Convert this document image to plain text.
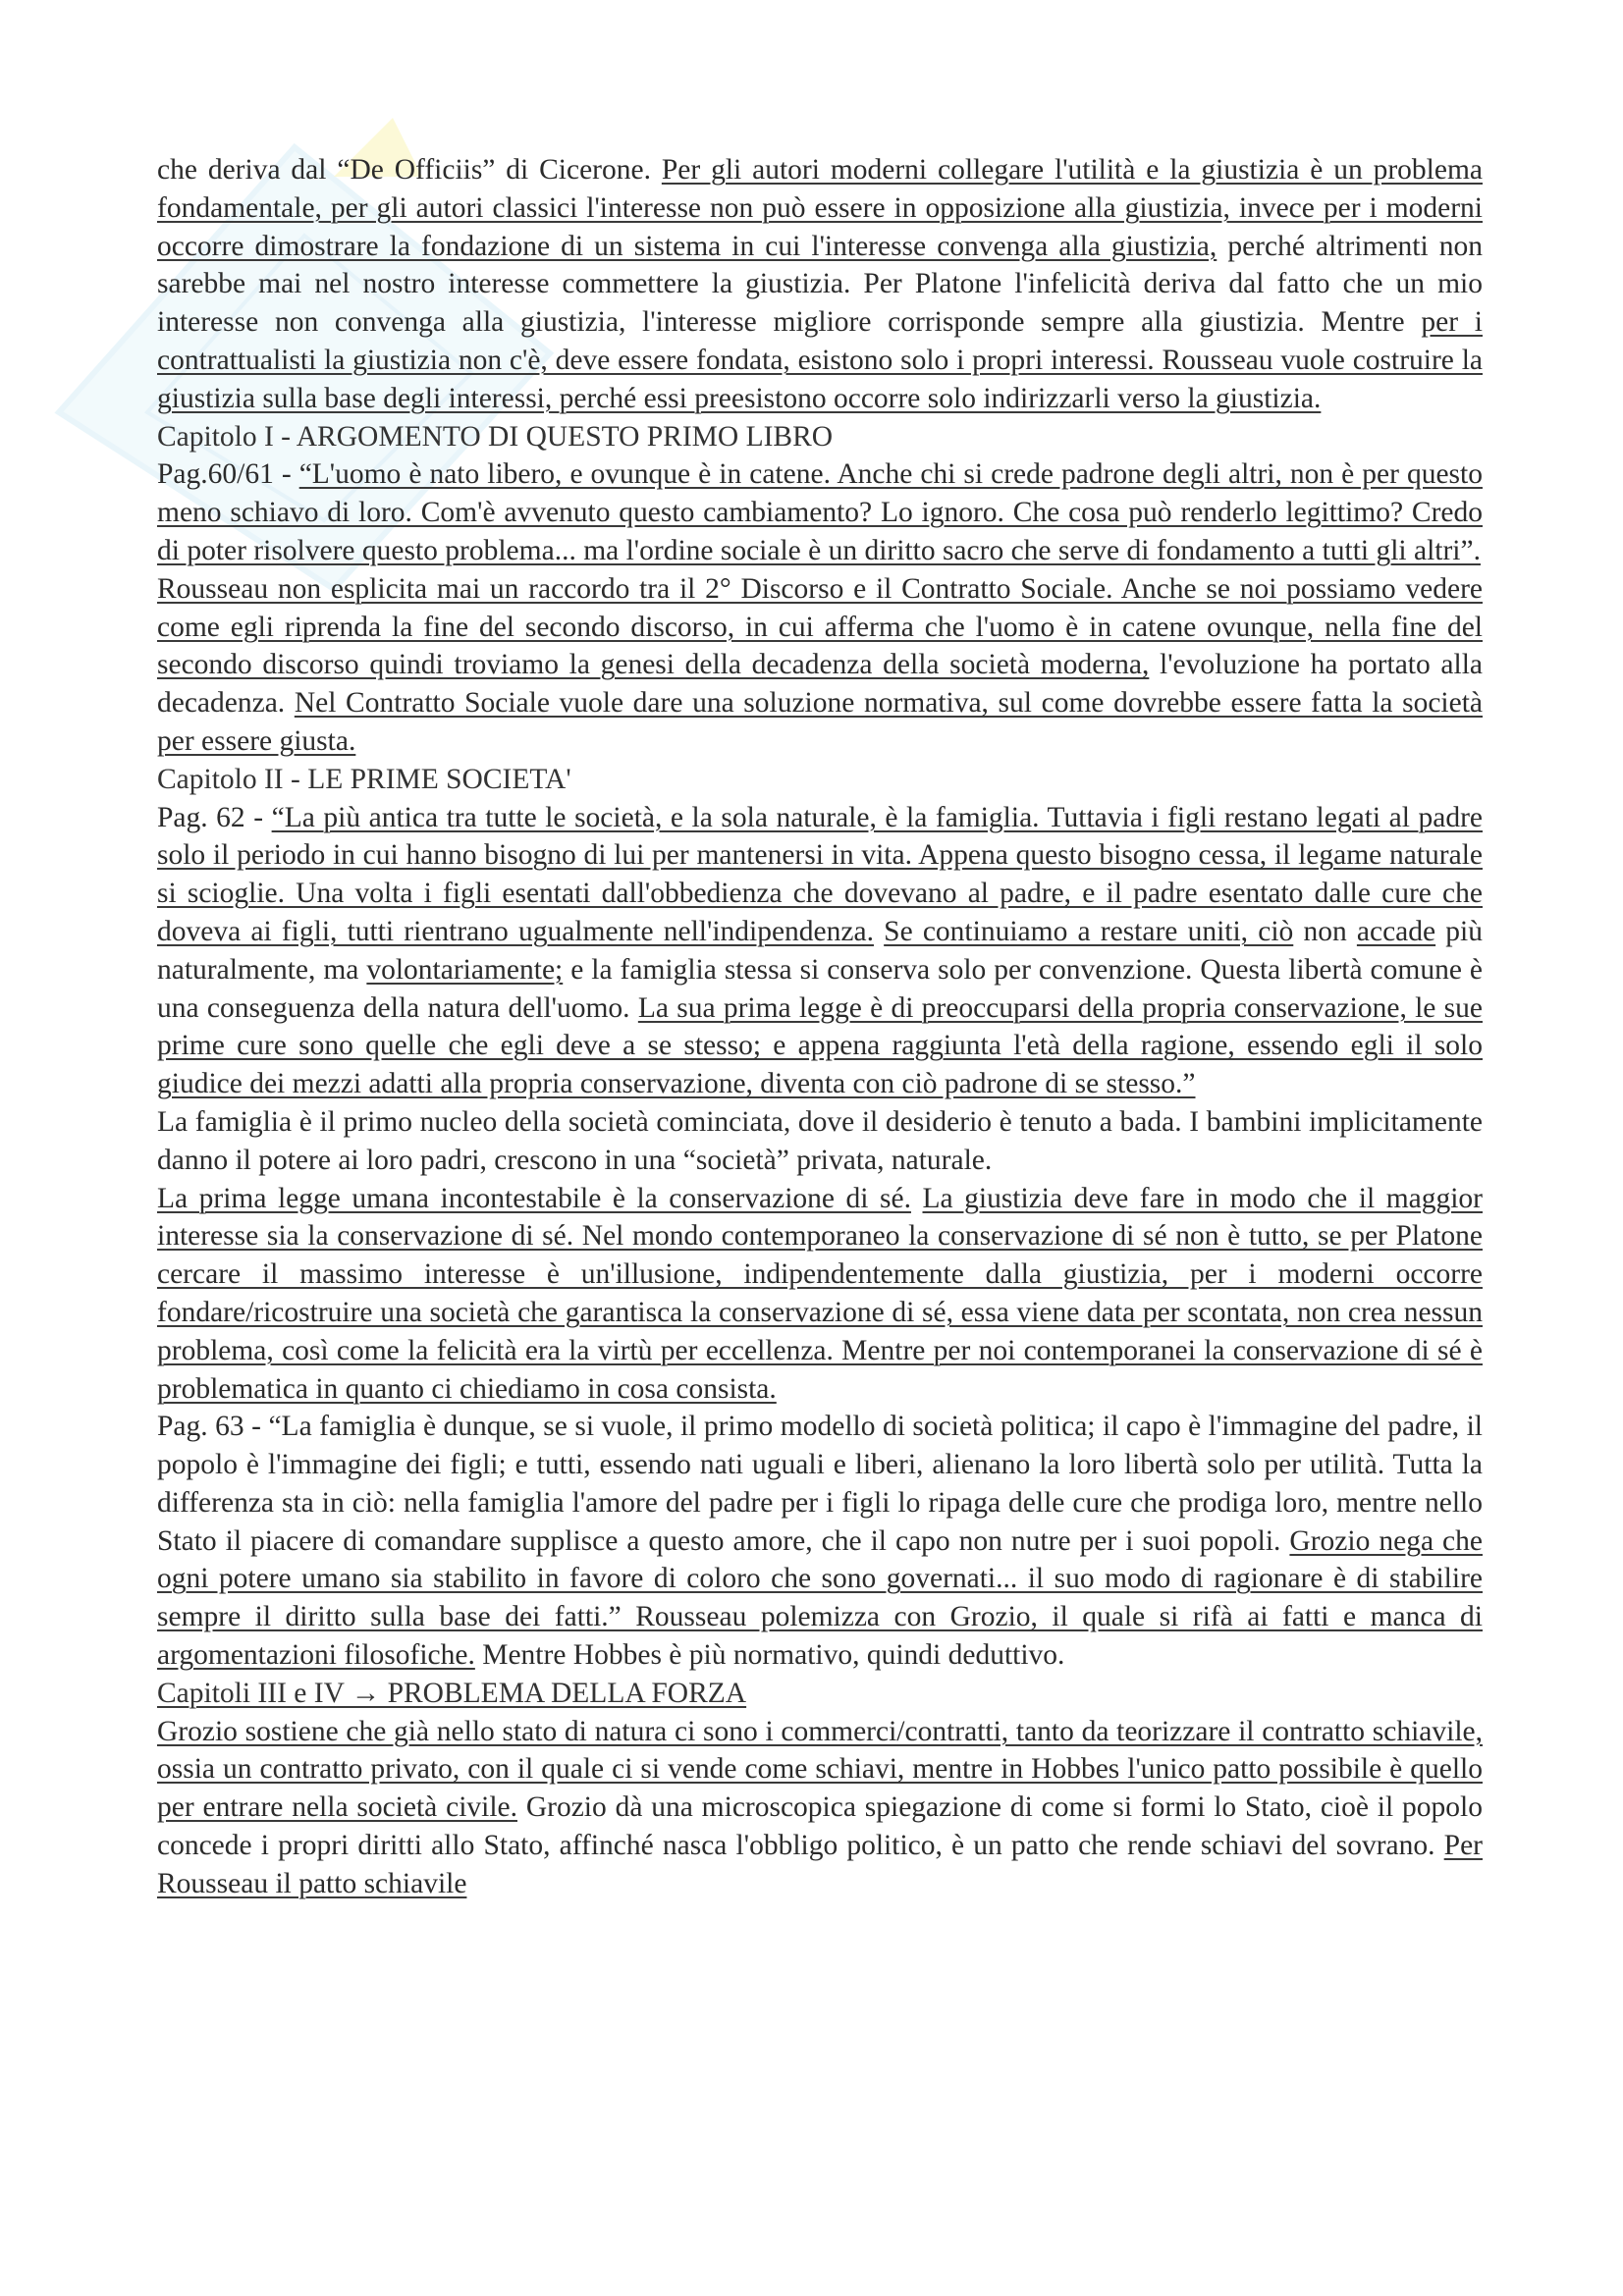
che deriva dal “De Officiis” di Cicerone. Per gli autori moderni collegare l'utilità e la giustizia è un problema fondamentale, per gli autori classici l'interesse non può essere in opposizione alla giustizia, invece per i moderni occorre dimostrare la fondazione di un sistema in cui l'interesse convenga alla giustizia, perché altrimenti non sarebbe mai nel nostro interesse commettere la giustizia. Per Platone l'infelicità deriva dal fatto che un mio interesse non convenga alla giustizia, l'interesse migliore corrisponde sempre alla giustizia. Mentre per i contrattualisti la giustizia non c'è, deve essere fondata, esistono solo i propri interessi. Rousseau vuole costruire la giustizia sulla base degli interessi, perché essi preesistono occorre solo indirizzarli verso la giustizia.

Capitolo I - ARGOMENTO DI QUESTO PRIMO LIBRO

Pag.60/61 - “L'uomo è nato libero, e ovunque è in catene. Anche chi si crede padrone degli altri, non è per questo meno schiavo di loro. Com'è avvenuto questo cambiamento? Lo ignoro. Che cosa può renderlo legittimo? Credo di poter risolvere questo problema... ma l'ordine sociale è un diritto sacro che serve di fondamento a tutti gli altri”.

Rousseau non esplicita mai un raccordo tra il 2° Discorso e il Contratto Sociale. Anche se noi possiamo vedere come egli riprenda la fine del secondo discorso, in cui afferma che l'uomo è in catene ovunque, nella fine del secondo discorso quindi troviamo la genesi della decadenza della società moderna, l'evoluzione ha portato alla decadenza. Nel Contratto Sociale vuole dare una soluzione normativa, sul come dovrebbe essere fatta la società per essere giusta.

Capitolo II - LE PRIME SOCIETA'

Pag. 62 - “La più antica tra tutte le società, e la sola naturale, è la famiglia. Tuttavia i figli restano legati al padre solo il periodo in cui hanno bisogno di lui per mantenersi in vita. Appena questo bisogno cessa, il legame naturale si scioglie. Una volta i figli esentati dall'obbedienza che dovevano al padre, e il padre esentato dalle cure che doveva ai figli, tutti rientrano ugualmente nell'indipendenza. Se continuiamo a restare uniti, ciò non accade più naturalmente, ma volontariamente; e la famiglia stessa si conserva solo per convenzione. Questa libertà comune è una conseguenza della natura dell'uomo. La sua prima legge è di preoccuparsi della propria conservazione, le sue prime cure sono quelle che egli deve a se stesso; e appena raggiunta l'età della ragione, essendo egli il solo giudice dei mezzi adatti alla propria conservazione, diventa con ciò padrone di se stesso.”

La famiglia è il primo nucleo della società cominciata, dove il desiderio è tenuto a bada. I bambini implicitamente danno il potere ai loro padri, crescono in una “società” privata, naturale.

La prima legge umana incontestabile è la conservazione di sé. La giustizia deve fare in modo che il maggior interesse sia la conservazione di sé. Nel mondo contemporaneo la conservazione di sé non è tutto, se per Platone cercare il massimo interesse è un'illusione, indipendentemente dalla giustizia, per i moderni occorre fondare/ricostruire una società che garantisca la conservazione di sé, essa viene data per scontata, non crea nessun problema, così come la felicità era la virtù per eccellenza. Mentre per noi contemporanei la conservazione di sé è problematica in quanto ci chiediamo in cosa consista.

Pag. 63 - “La famiglia è dunque, se si vuole, il primo modello di società politica; il capo è l'immagine del padre, il popolo è l'immagine dei figli; e tutti, essendo nati uguali e liberi, alienano la loro libertà solo per utilità. Tutta la differenza sta in ciò: nella famiglia l'amore del padre per i figli lo ripaga delle cure che prodiga loro, mentre nello Stato il piacere di comandare supplisce a questo amore, che il capo non nutre per i suoi popoli. Grozio nega che ogni potere umano sia stabilito in favore di coloro che sono governati... il suo modo di ragionare è di stabilire sempre il diritto sulla base dei fatti.” Rousseau polemizza con Grozio, il quale si rifà ai fatti e manca di argomentazioni filosofiche. Mentre Hobbes è più normativo, quindi deduttivo.

Capitoli III e IV → PROBLEMA DELLA FORZA

Grozio sostiene che già nello stato di natura ci sono i commerci/contratti, tanto da teorizzare il contratto schiavile, ossia un contratto privato, con il quale ci si vende come schiavi, mentre in Hobbes l'unico patto possibile è quello per entrare nella società civile. Grozio dà una microscopica spiegazione di come si formi lo Stato, cioè il popolo concede i propri diritti allo Stato, affinché nasca l'obbligo politico, è un patto che rende schiavi del sovrano. Per Rousseau il patto schiavile
